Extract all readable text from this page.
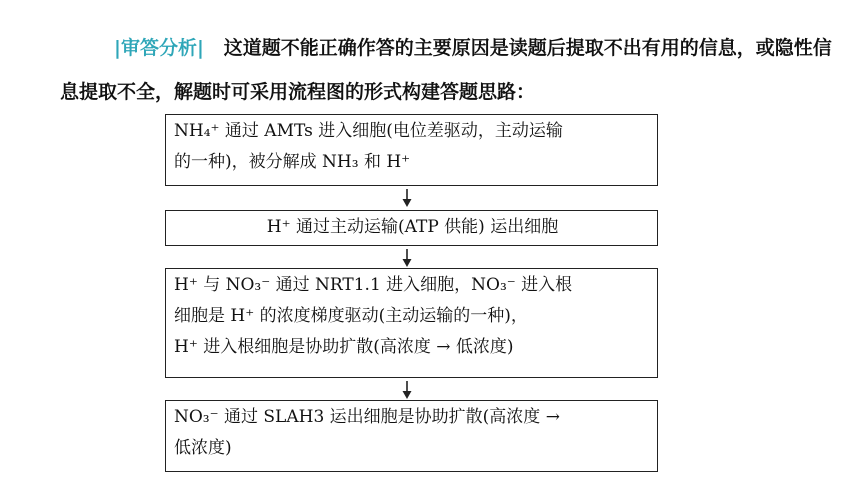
|审答分析| 这道题不能正确作答的主要原因是读题后提取不出有用的信息，或隐性信息提取不全，解题时可采用流程图的形式构建答题思路：
NH₄⁺ 通过 AMTs 进入细胞(电位差驱动，主动运输
的一种)，被分解成 NH₃ 和 H⁺
H⁺ 通过主动运输(ATP 供能) 运出细胞
H⁺ 与 NO₃⁻ 通过 NRT1.1 进入细胞，NO₃⁻ 进入根
细胞是 H⁺ 的浓度梯度驱动(主动运输的一种)，
H⁺ 进入根细胞是协助扩散(高浓度 → 低浓度)
NO₃⁻ 通过 SLAH3 运出细胞是协助扩散(高浓度 →
低浓度)
